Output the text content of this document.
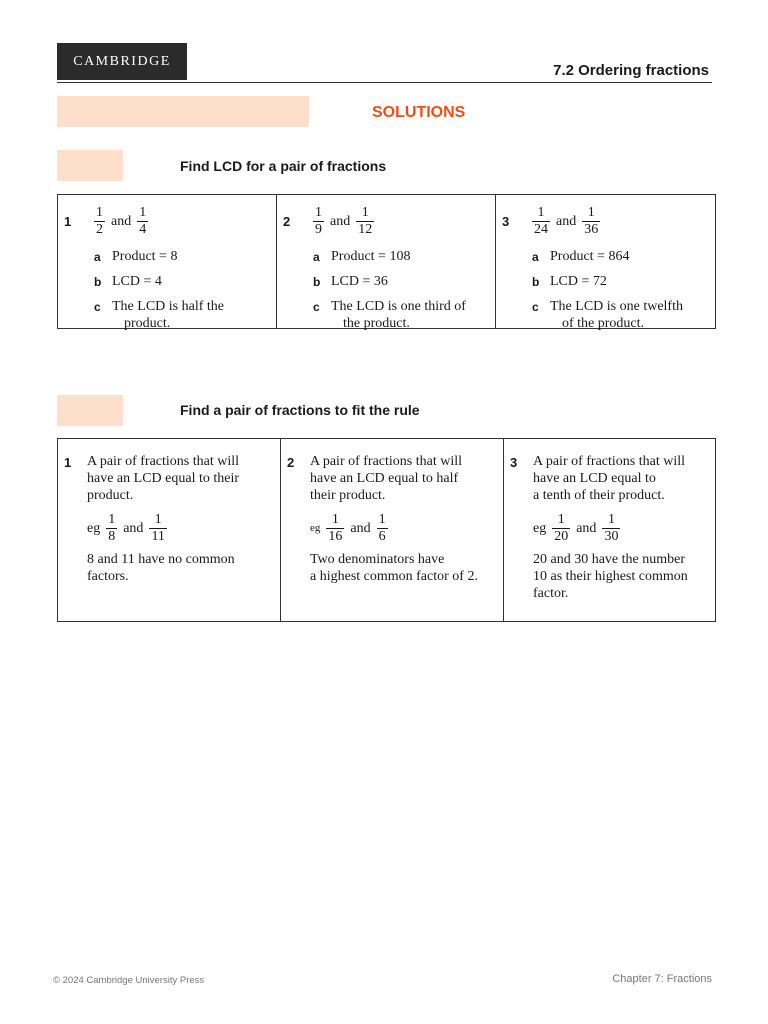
CAMBRIDGE
7.2 Ordering fractions
SOLUTIONS
Find LCD for a pair of fractions
1	$\frac{1}{2}$ and $\frac{1}{4}$
a Product = 8
b LCD = 4
c The LCD is half the
product.

2	$\frac{1}{9}$ and $\frac{1}{12}$
a Product = 108
b LCD = 36
c The LCD is one third of
the product.

3	$\frac{1}{24}$ and $\frac{1}{36}$
a Product = 864
b LCD = 72
c The LCD is one twelfth
of the product.
Find a pair of fractions to fit the rule
1	A pair of fractions that will
have an LCD equal to their
product.
eg $\frac{1}{8}$ and $\frac{1}{11}$
8 and 11 have no common
factors.

2	A pair of fractions that will
have an LCD equal to half
their product.
eg $\frac{1}{16}$ and $\frac{1}{6}$
Two denominators have
a highest common factor of 2.

3	A pair of fractions that will
have an LCD equal to
a tenth of their product.
eg $\frac{1}{20}$ and $\frac{1}{30}$
20 and 30 have the number
10 as their highest common
factor.
© 2024 Cambridge University Press	Chapter 7: Fractions
